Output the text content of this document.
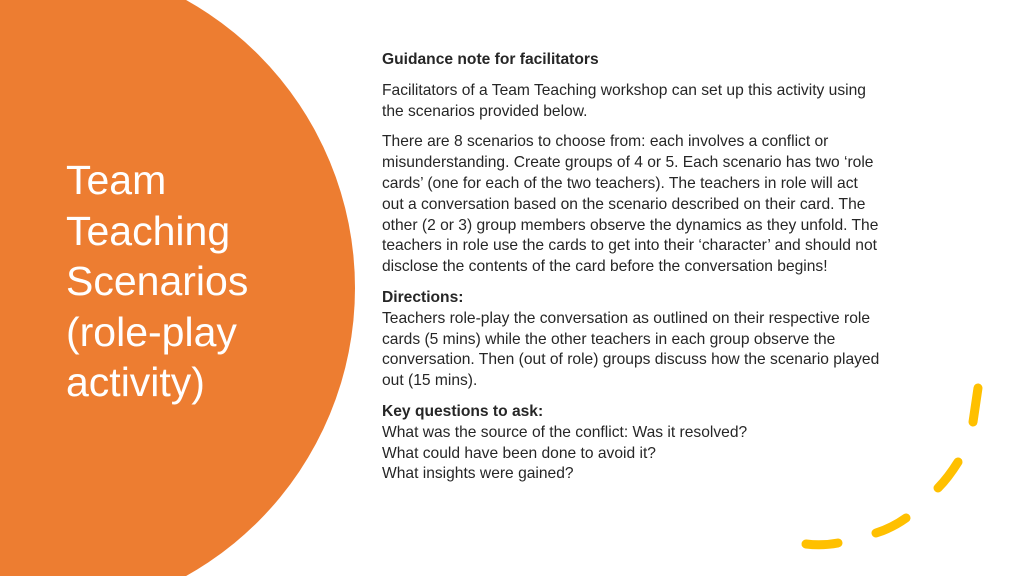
Team
Teaching
Scenarios
(role-play
activity)

Guidance note for facilitators

Facilitators of a Team Teaching workshop can set up this activity using
the scenarios provided below.

There are 8 scenarios to choose from: each involves a conflict or
misunderstanding. Create groups of 4 or 5. Each scenario has two ‘role
cards’ (one for each of the two teachers). The teachers in role will act
out a conversation based on the scenario described on their card. The
other (2 or 3) group members observe the dynamics as they unfold. The
teachers in role use the cards to get into their ‘character’ and should not
disclose the contents of the card before the conversation begins!

Directions:
Teachers role-play the conversation as outlined on their respective role
cards (5 mins) while the other teachers in each group observe the
conversation. Then (out of role) groups discuss how the scenario played
out (15 mins).

Key questions to ask:
What was the source of the conflict: Was it resolved?
What could have been done to avoid it?
What insights were gained?
